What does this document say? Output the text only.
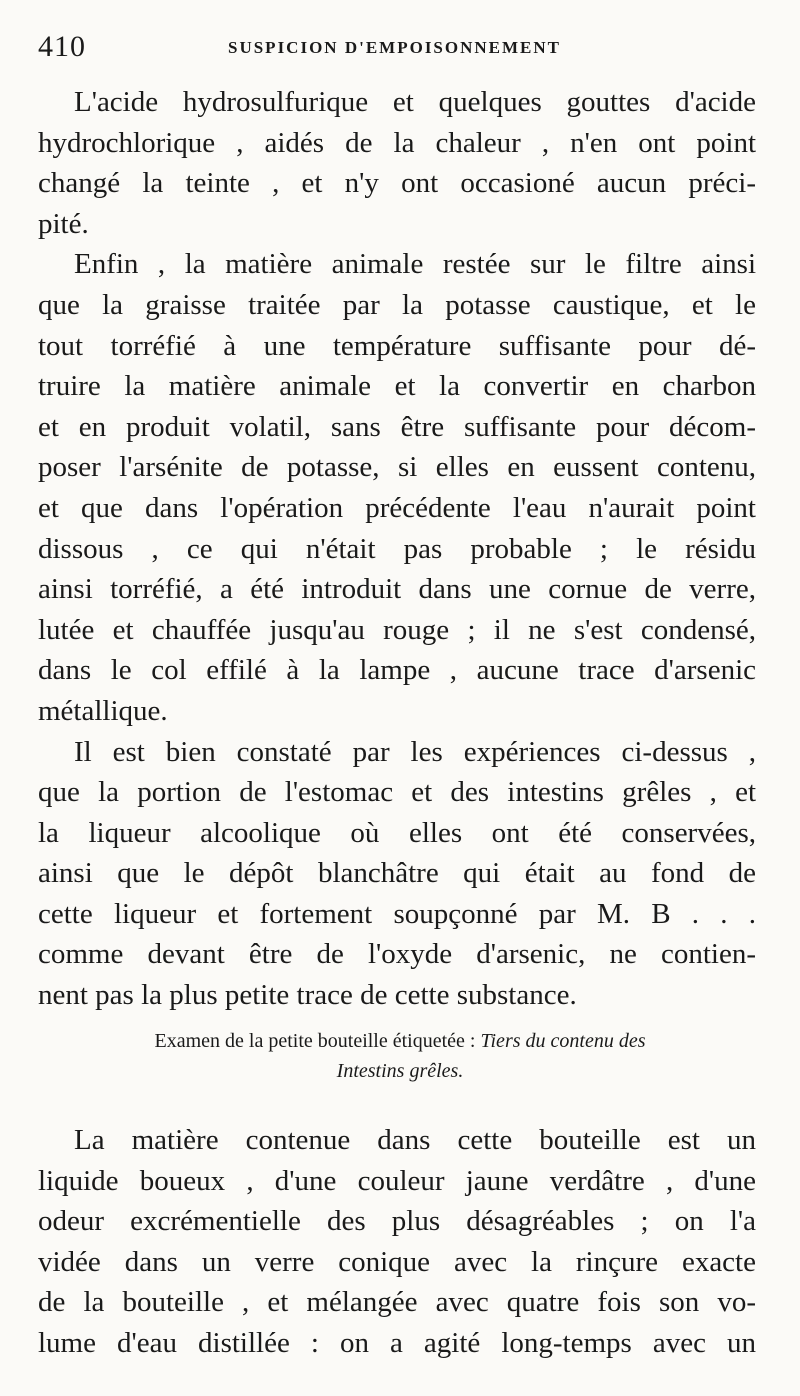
410	SUSPICION D'EMPOISONNEMENT

L'acide hydrosulfurique et quelques gouttes d'acide
hydrochlorique , aidés de la chaleur , n'en ont point
changé la teinte , et n'y ont occasioné aucun préci-
pité.

Enfin , la matière animale restée sur le filtre ainsi
que la graisse traitée par la potasse caustique, et le
tout torréfié à une température suffisante pour dé-
truire la matière animale et la convertir en charbon
et en produit volatil, sans être suffisante pour décom-
poser l'arsénite de potasse, si elles en eussent contenu,
et que dans l'opération précédente l'eau n'aurait point
dissous , ce qui n'était pas probable ; le résidu
ainsi torréfié, a été introduit dans une cornue de verre,
lutée et chauffée jusqu'au rouge ; il ne s'est condensé,
dans le col effilé à la lampe , aucune trace d'arsenic
métallique.

Il est bien constaté par les expériences ci-dessus ,
que la portion de l'estomac et des intestins grêles , et
la liqueur alcoolique où elles ont été conservées,
ainsi que le dépôt blanchâtre qui était au fond de
cette liqueur et fortement soupçonné par M. B . . .
comme devant être de l'oxyde d'arsenic, ne contien-
nent pas la plus petite trace de cette substance.

Examen de la petite bouteille étiquetée : Tiers du contenu des
Intestins grêles.

La matière contenue dans cette bouteille est un
liquide boueux , d'une couleur jaune verdâtre , d'une
odeur excrémentielle des plus désagréables ; on l'a
vidée dans un verre conique avec la rinçure exacte
de la bouteille , et mélangée avec quatre fois son vo-
lume d'eau distillée : on a agité long-temps avec un
